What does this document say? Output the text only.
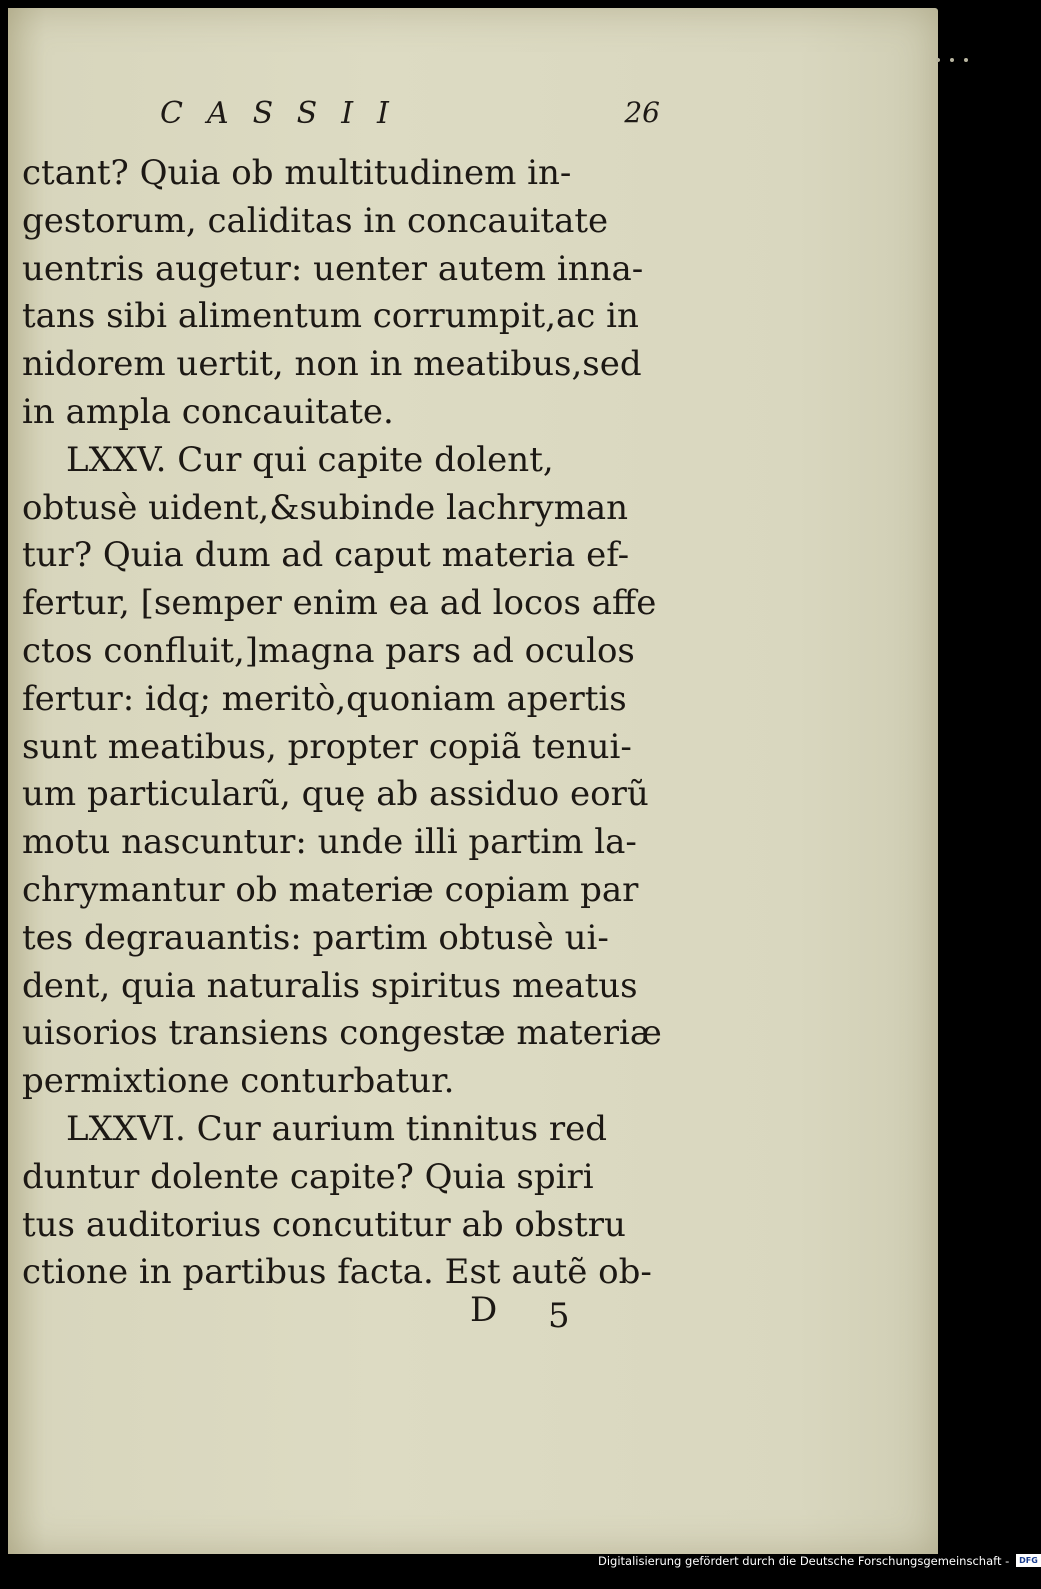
CASSII	26
ctant? Quia ob multitudinem in-
gestorum, caliditas in concauitate
uentris augetur: uenter autem inna-
tans sibi alimentum corrumpit,ac in
nidorem uertit, non in meatibus,sed
in ampla concauitate.
LXXV. Cur qui capite dolent,
obtusè uident,&subinde lachryman
tur? Quia dum ad caput materia ef-
fertur, [semper enim ea ad locos affe
ctos confluit,]magna pars ad oculos
fertur: idq; meritò,quoniam apertis
sunt meatibus, propter copiã tenui-
um particularũ, quę ab assiduo eorũ
motu nascuntur: unde illi partim la-
chrymantur ob materiæ copiam par
tes degrauantis: partim obtusè ui-
dent, quia naturalis spiritus meatus
uisorios transiens congestæ materiæ
permixtione conturbatur.
LXXVI. Cur aurium tinnitus red
duntur dolente capite? Quia spiri
tus auditorius concutitur ab obstru
ctione in partibus facta. Est autẽ ob-
D 5
Digitalisierung gefördert durch die Deutsche Forschungsgemeinschaft - DFG
